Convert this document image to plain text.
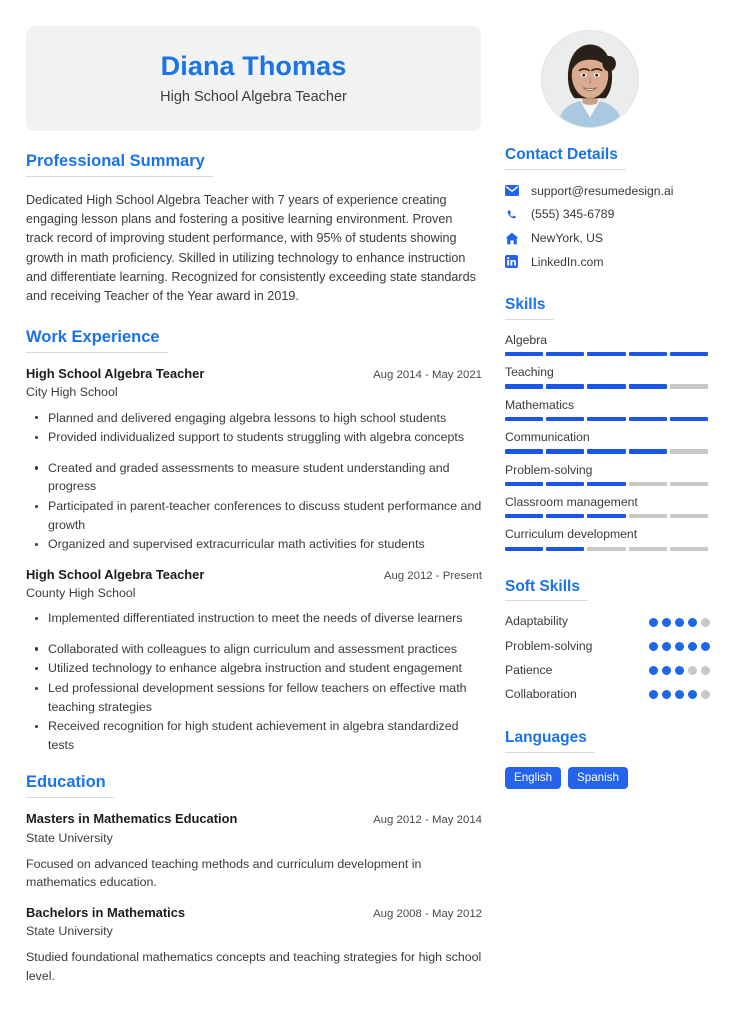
Diana Thomas
High School Algebra Teacher
Professional Summary

Dedicated High School Algebra Teacher with 7 years of experience creating engaging lesson plans and fostering a positive learning environment. Proven track record of improving student performance, with 95% of students showing growth in math proficiency. Skilled in utilizing technology to enhance instruction and differentiate learning. Recognized for consistently exceeding state standards and receiving Teacher of the Year award in 2019.

Work Experience
High School Algebra Teacher	Aug 2014 - May 2021
City High School
Planned and delivered engaging algebra lessons to high school students
Provided individualized support to students struggling with algebra concepts
Created and graded assessments to measure student understanding and progress
Participated in parent-teacher conferences to discuss student performance and growth
Organized and supervised extracurricular math activities for students
High School Algebra Teacher	Aug 2012 - Present
County High School
Implemented differentiated instruction to meet the needs of diverse learners
Collaborated with colleagues to align curriculum and assessment practices
Utilized technology to enhance algebra instruction and student engagement
Led professional development sessions for fellow teachers on effective math teaching strategies
Received recognition for high student achievement in algebra standardized tests
Education
Masters in Mathematics Education	Aug 2012 - May 2014
State University
Focused on advanced teaching methods and curriculum development in mathematics education.
Bachelors in Mathematics	Aug 2008 - May 2012
State University
Studied foundational mathematics concepts and teaching strategies for high school level.
Contact Details
support@resumedesign.ai
(555) 345-6789
NewYork, US
LinkedIn.com
Skills
Algebra
Teaching
Mathematics
Communication
Problem-solving
Classroom management
Curriculum development
Soft Skills
Adaptability
Problem-solving
Patience
Collaboration
Languages
English	Spanish
